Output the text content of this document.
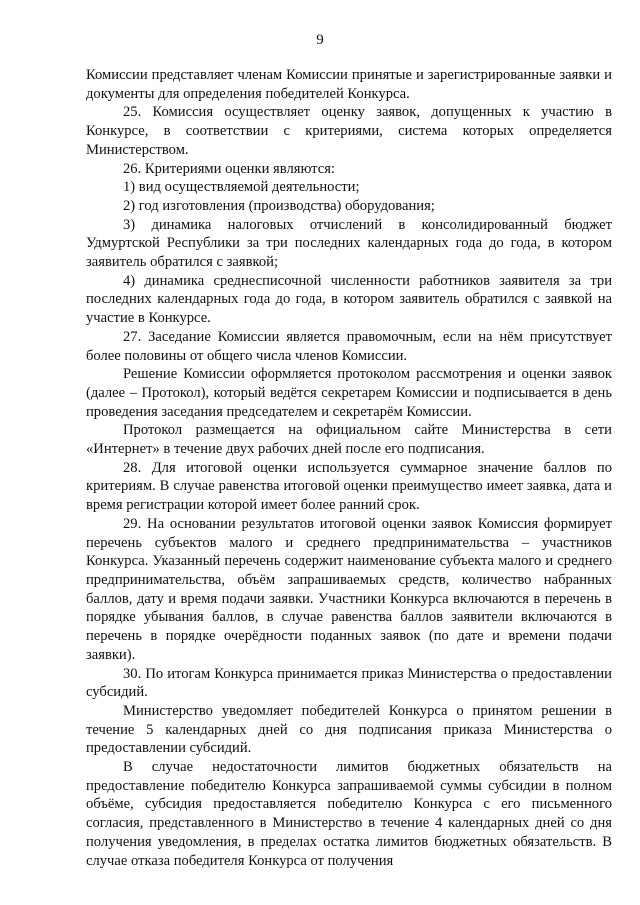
9

Комиссии представляет членам Комиссии принятые и зарегистрированные заявки и документы для определения победителей Конкурса.

25. Комиссия осуществляет оценку заявок, допущенных к участию в Конкурсе, в соответствии с критериями, система которых определяется Министерством.

26. Критериями оценки являются:

1) вид осуществляемой деятельности;

2) год изготовления (производства) оборудования;

3) динамика налоговых отчислений в консолидированный бюджет Удмуртской Республики за три последних календарных года до года, в котором заявитель обратился с заявкой;

4) динамика среднесписочной численности работников заявителя за три последних календарных года до года, в котором заявитель обратился с заявкой на участие в Конкурсе.

27. Заседание Комиссии является правомочным, если на нём присутствует более половины от общего числа членов Комиссии.

Решение Комиссии оформляется протоколом рассмотрения и оценки заявок (далее – Протокол), который ведётся секретарем Комиссии и подписывается в день проведения заседания председателем и секретарём Комиссии.

Протокол размещается на официальном сайте Министерства в сети «Интернет» в течение двух рабочих дней после его подписания.

28. Для итоговой оценки используется суммарное значение баллов по критериям. В случае равенства итоговой оценки преимущество имеет заявка, дата и время регистрации которой имеет более ранний срок.

29. На основании результатов итоговой оценки заявок Комиссия формирует перечень субъектов малого и среднего предпринимательства – участников Конкурса. Указанный перечень содержит наименование субъекта малого и среднего предпринимательства, объём запрашиваемых средств, количество набранных баллов, дату и время подачи заявки. Участники Конкурса включаются в перечень в порядке убывания баллов, в случае равенства баллов заявители включаются в перечень в порядке очерёдности поданных заявок (по дате и времени подачи заявки).

30. По итогам Конкурса принимается приказ Министерства о предоставлении субсидий.

Министерство уведомляет победителей Конкурса о принятом решении в течение 5 календарных дней со дня подписания приказа Министерства о предоставлении субсидий.

В случае недостаточности лимитов бюджетных обязательств на предоставление победителю Конкурса запрашиваемой суммы субсидии в полном объёме, субсидия предоставляется победителю Конкурса с его письменного согласия, представленного в Министерство в течение 4 календарных дней со дня получения уведомления, в пределах остатка лимитов бюджетных обязательств. В случае отказа победителя Конкурса от получения
